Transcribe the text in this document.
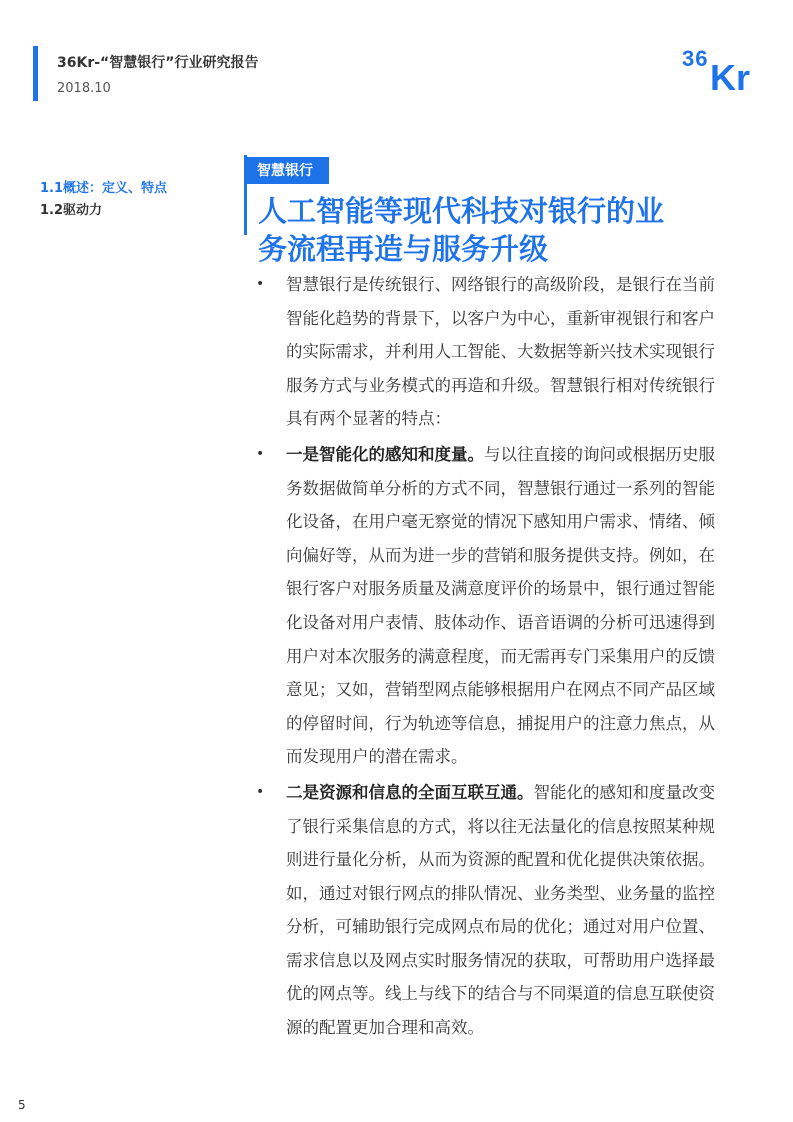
36Kr-“智慧银行”行业研究报告
2018.10
36 Kr
1.1概述：定义、特点
1.2驱动力
智慧银行
人工智能等现代科技对银行的业
务流程再造与服务升级
• 智慧银行是传统银行、网络银行的高级阶段，是银行在当前智能化趋势的背景下，以客户为中心，重新审视银行和客户的实际需求，并利用人工智能、大数据等新兴技术实现银行服务方式与业务模式的再造和升级。智慧银行相对传统银行具有两个显著的特点：
• 一是智能化的感知和度量。与以往直接的询问或根据历史服务数据做简单分析的方式不同，智慧银行通过一系列的智能化设备，在用户毫无察觉的情况下感知用户需求、情绪、倾向偏好等，从而为进一步的营销和服务提供支持。例如，在银行客户对服务质量及满意度评价的场景中，银行通过智能化设备对用户表情、肢体动作、语音语调的分析可迅速得到用户对本次服务的满意程度，而无需再专门采集用户的反馈意见；又如，营销型网点能够根据用户在网点不同产品区域的停留时间，行为轨迹等信息，捕捉用户的注意力焦点，从而发现用户的潜在需求。
• 二是资源和信息的全面互联互通。智能化的感知和度量改变了银行采集信息的方式，将以往无法量化的信息按照某种规则进行量化分析，从而为资源的配置和优化提供决策依据。如，通过对银行网点的排队情况、业务类型、业务量的监控分析，可辅助银行完成网点布局的优化；通过对用户位置、需求信息以及网点实时服务情况的获取，可帮助用户选择最优的网点等。线上与线下的结合与不同渠道的信息互联使资源的配置更加合理和高效。
5
